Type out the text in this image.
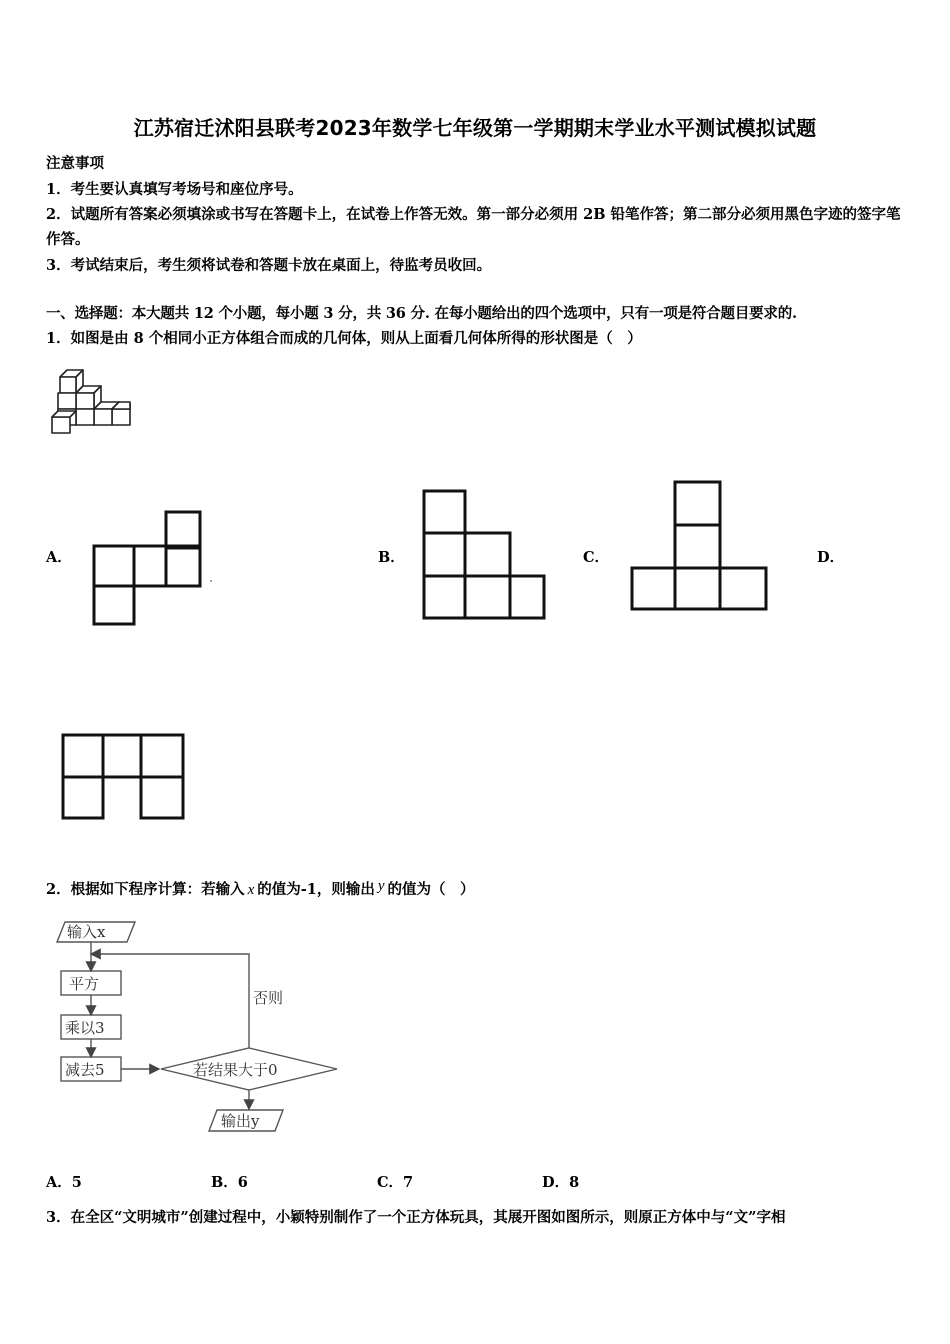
江苏宿迁沭阳县联考2023年数学七年级第一学期期末学业水平测试模拟试题
注意事项
1．考生要认真填写考场号和座位序号。
2．试题所有答案必须填涂或书写在答题卡上，在试卷上作答无效。第一部分必须用 2B 铅笔作答；第二部分必须用黑色字迹的签字笔作答。
3．考试结束后，考生须将试卷和答题卡放在桌面上，待监考员收回。
一、选择题：本大题共 12 个小题，每小题 3 分，共 36 分. 在每小题给出的四个选项中，只有一项是符合题目要求的.
1．如图是由 8 个相同小正方体组合而成的几何体，则从上面看几何体所得的形状图是（　）
A．	B．	C．	D．
2．根据如下程序计算：若输入 x 的值为-1，则输出 y 的值为（　）
输入x
平方
乘以3
减去5	若结果大于0
否则
输出y
A．5	B．6	C．7	D．8
3．在全区“文明城市”创建过程中，小颖特别制作了一个正方体玩具，其展开图如图所示，则原正方体中与“文”字相
